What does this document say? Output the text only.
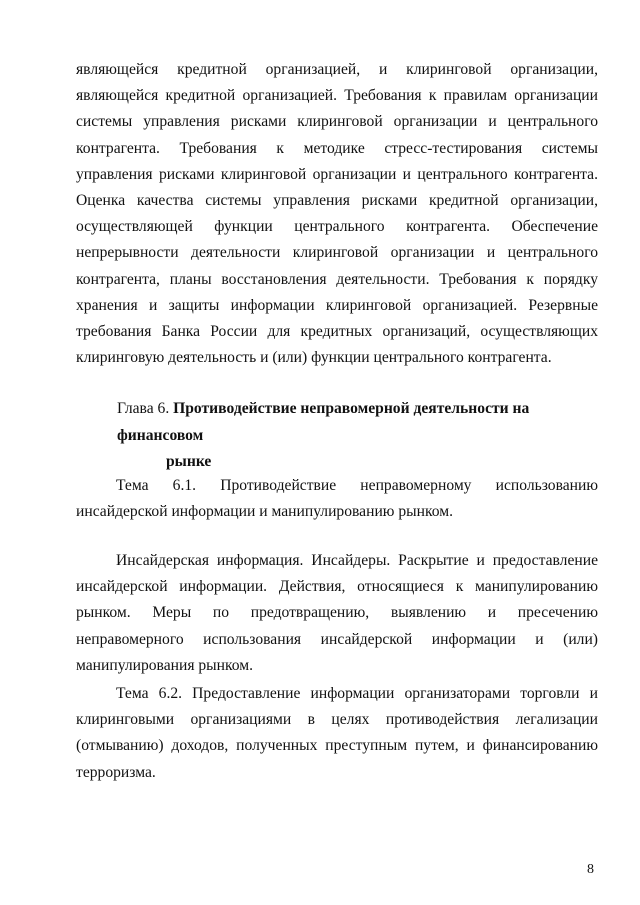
являющейся кредитной организацией, и клиринговой организации, являющейся кредитной организацией. Требования к правилам организации системы управления рисками клиринговой организации и центрального контрагента. Требования к методике стресс-тестирования системы управления рисками клиринговой организации и центрального контрагента. Оценка качества системы управления рисками кредитной организации, осуществляющей функции центрального контрагента. Обеспечение непрерывности деятельности клиринговой организации и центрального контрагента, планы восстановления деятельности. Требования к порядку хранения и защиты информации клиринговой организацией. Резервные требования Банка России для кредитных организаций, осуществляющих клиринговую деятельность и (или) функции центрального контрагента.

Глава 6. Противодействие неправомерной деятельности на финансовом
рынке

Тема 6.1. Противодействие неправомерному использованию инсайдерской информации и манипулированию рынком.

Инсайдерская информация. Инсайдеры. Раскрытие и предоставление инсайдерской информации. Действия, относящиеся к манипулированию рынком. Меры по предотвращению, выявлению и пресечению неправомерного использования инсайдерской информации и (или) манипулирования рынком.

Тема 6.2. Предоставление информации организаторами торговли и клиринговыми организациями в целях противодействия легализации (отмыванию) доходов, полученных преступным путем, и финансированию терроризма.

8
